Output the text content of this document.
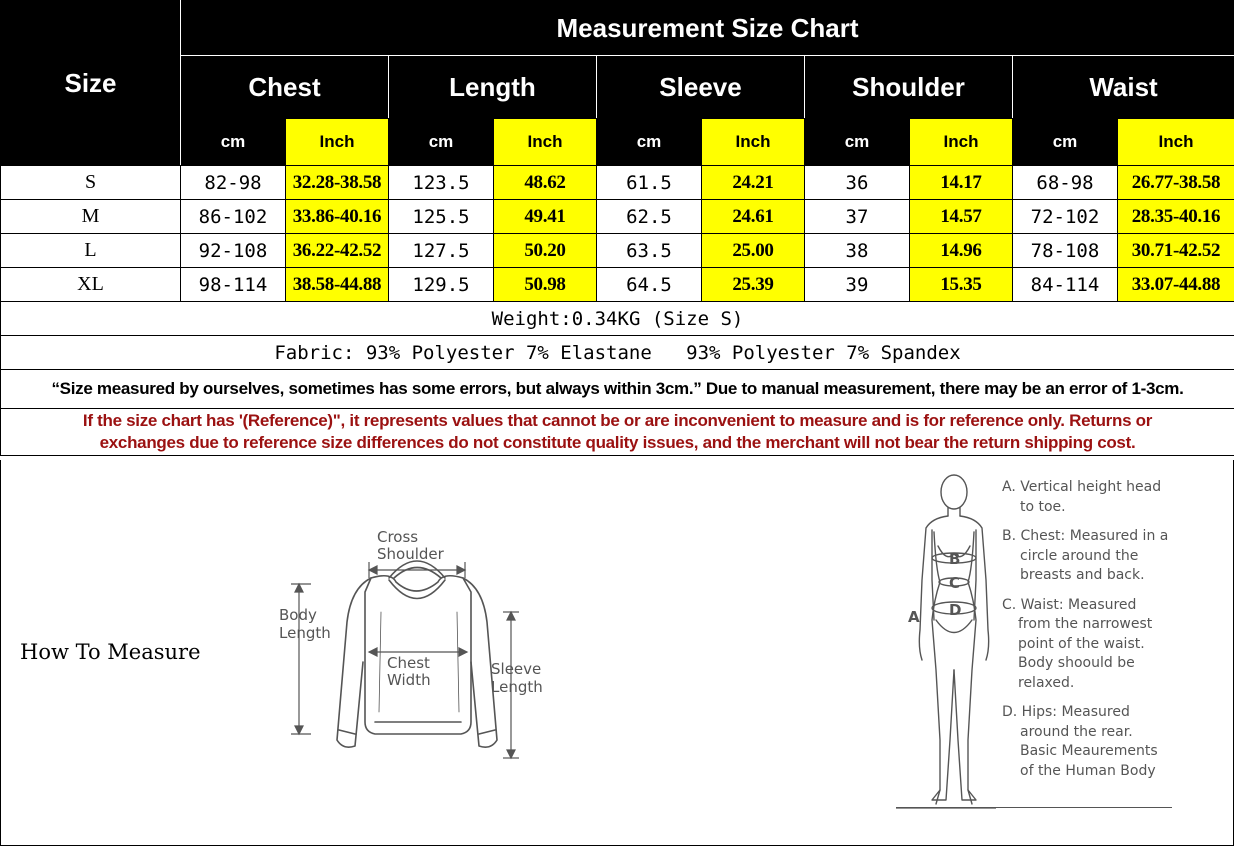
Size	Measurement Size Chart									
	Chest		Length		Sleeve		Shoulder		Waist	
	cm	Inch	cm	Inch	cm	Inch	cm	Inch	cm	Inch
S	82-98	32.28-38.58	123.5	48.62	61.5	24.21	36	14.17	68-98	26.77-38.58
M	86-102	33.86-40.16	125.5	49.41	62.5	24.61	37	14.57	72-102	28.35-40.16
L	92-108	36.22-42.52	127.5	50.20	63.5	25.00	38	14.96	78-108	30.71-42.52
XL	98-114	38.58-44.88	129.5	50.98	64.5	25.39	39	15.35	84-114	33.07-44.88
Weight:0.34KG (Size S)										
Fabric: 93% Polyester 7% Elastane   93% Polyester 7% Spandex										
“Size measured by ourselves, sometimes has some errors, but always within 3cm.” Due to manual measurement, there may be an error of 1-3cm.										

If the size chart has '(Reference)", it represents values that cannot be or are inconvenient to measure and is for reference only. Returns or
exchanges due to reference size differences do not constitute quality issues, and the merchant will not bear the return shipping cost.										
How To Measure
Cross
Shoulder
Body
Length
Chest
Width
Sleeve
Length
B
C
D
A
A. Vertical height head
to toe.
B. Chest: Measured in a
circle around the
breasts and back.
C. Waist: Measured
from the narrowest
point of the waist.
Body shoould be
relaxed.
D. Hips: Measured
around the rear.
Basic Meaurements
of the Human Body
